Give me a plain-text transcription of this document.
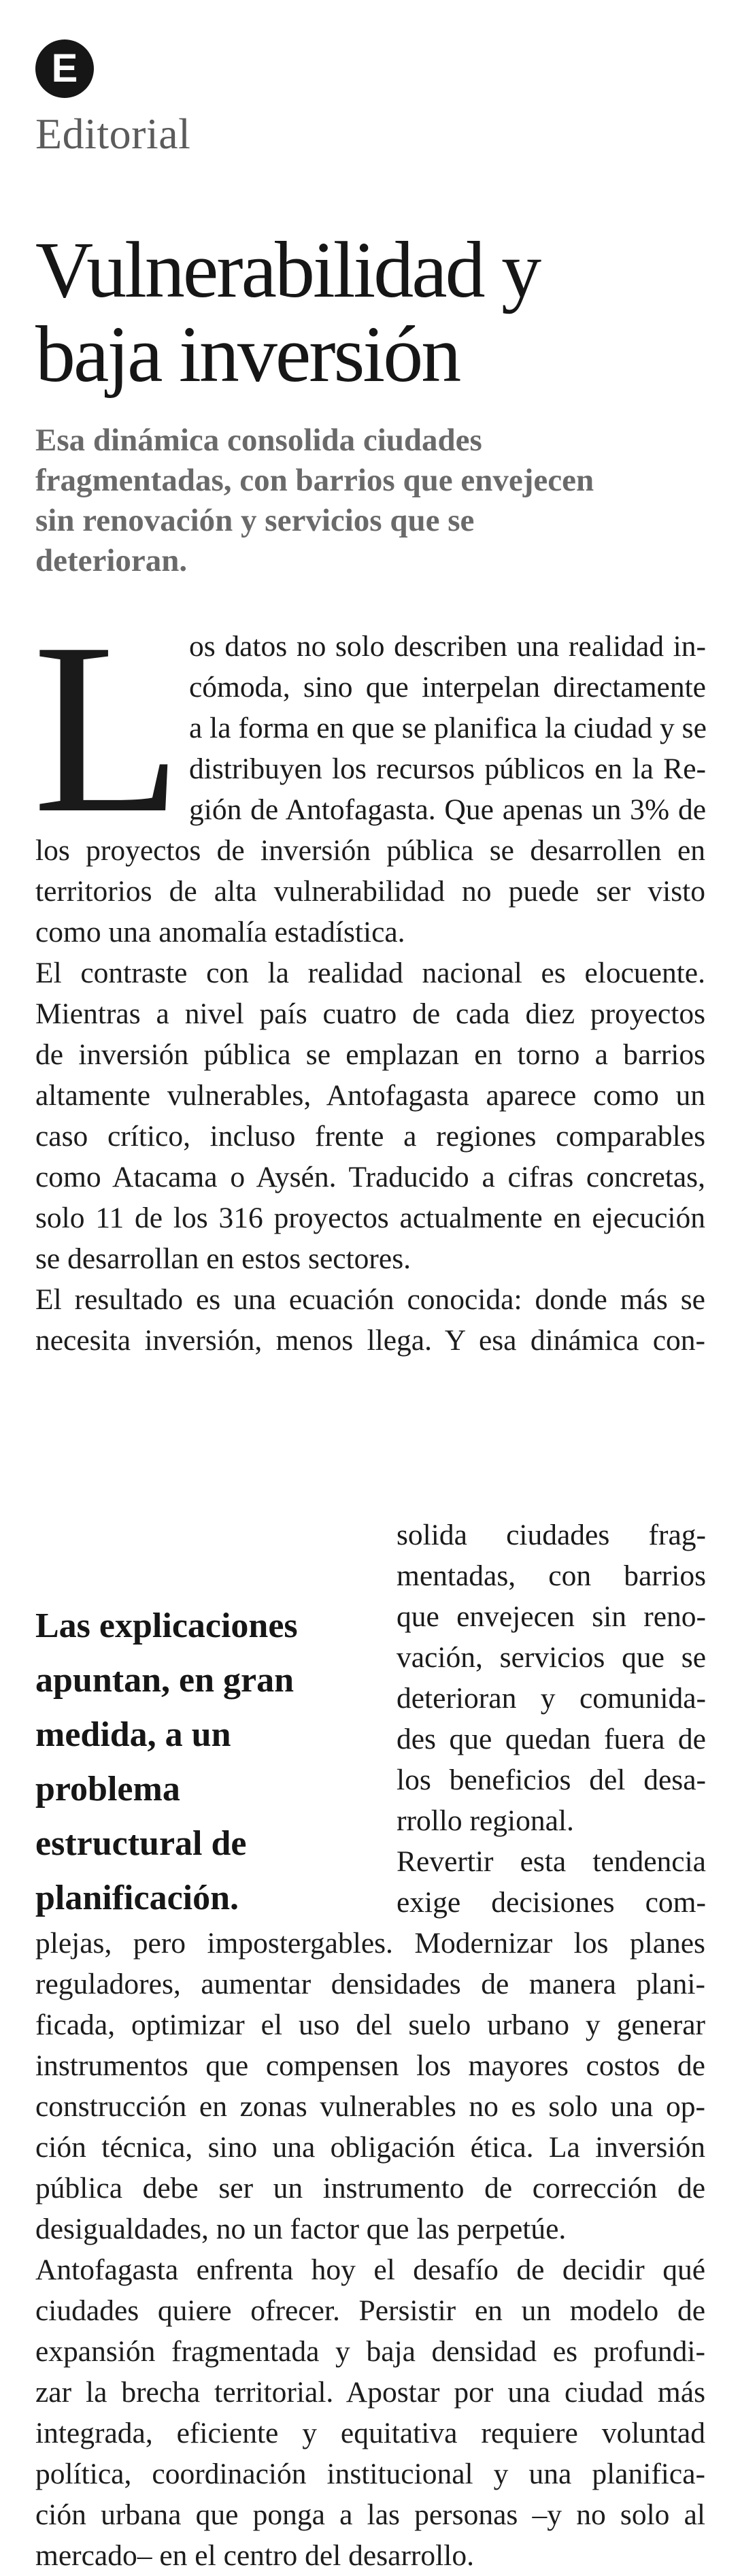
E
Editorial
Vulnerabilidad y
baja inversión
Esa dinámica consolida ciudades
fragmentadas, con barrios que envejecen
sin renovación y servicios que se
deterioran.
L os datos no solo describen una realidad in-
cómoda, sino que interpelan directamente
a la forma en que se planifica la ciudad y se
distribuyen los recursos públicos en la Re-
gión de Antofagasta. Que apenas un 3% de
los proyectos de inversión pública se desarrollen en
territorios de alta vulnerabilidad no puede ser visto
como una anomalía estadística.
El contraste con la realidad nacional es elocuente.
Mientras a nivel país cuatro de cada diez proyectos
de inversión pública se emplazan en torno a barrios
altamente vulnerables, Antofagasta aparece como un
caso crítico, incluso frente a regiones comparables
como Atacama o Aysén. Traducido a cifras concretas,
solo 11 de los 316 proyectos actualmente en ejecución
se desarrollan en estos sectores.
El resultado es una ecuación conocida: donde más se
necesita inversión, menos llega. Y esa dinámica con-
Las explicaciones
apuntan, en gran
medida, a un
problema
estructural de
planificación.
solida ciudades frag-
mentadas, con barrios
que envejecen sin reno-
vación, servicios que se
deterioran y comunida-
des que quedan fuera de
los beneficios del desa-
rrollo regional.
Revertir esta tendencia
exige decisiones com-
plejas, pero impostergables. Modernizar los planes
reguladores, aumentar densidades de manera plani-
ficada, optimizar el uso del suelo urbano y generar
instrumentos que compensen los mayores costos de
construcción en zonas vulnerables no es solo una op-
ción técnica, sino una obligación ética. La inversión
pública debe ser un instrumento de corrección de
desigualdades, no un factor que las perpetúe.
Antofagasta enfrenta hoy el desafío de decidir qué
ciudades quiere ofrecer. Persistir en un modelo de
expansión fragmentada y baja densidad es profundi-
zar la brecha territorial. Apostar por una ciudad más
integrada, eficiente y equitativa requiere voluntad
política, coordinación institucional y una planifica-
ción urbana que ponga a las personas –y no solo al
mercado– en el centro del desarrollo.
